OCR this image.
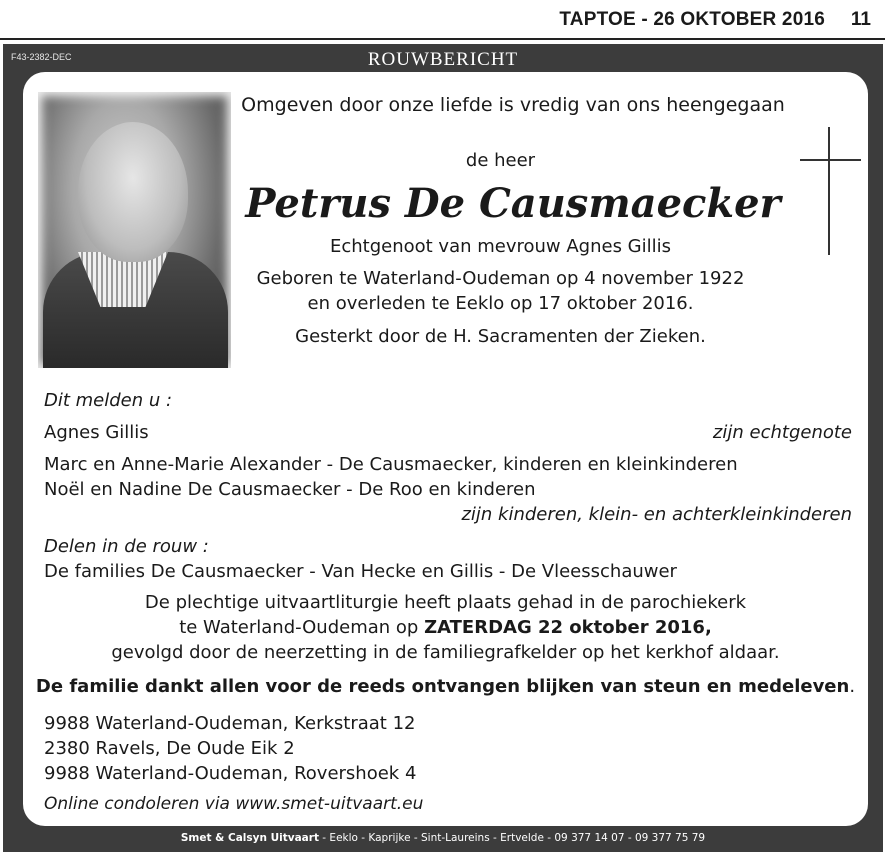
TAPTOE - 26 OKTOBER 2016 11
F43-2382-DEC	ROUWBERICHT
Omgeven door onze liefde is vredig van ons heengegaan
de heer
Petrus De Causmaecker
Echtgenoot van mevrouw Agnes Gillis
Geboren te Waterland-Oudeman op 4 november 1922
en overleden te Eeklo op 17 oktober 2016.
Gesterkt door de H. Sacramenten der Zieken.
Dit melden u :
Agnes Gillis	zijn echtgenote
Marc en Anne-Marie Alexander - De Causmaecker, kinderen en kleinkinderen
Noël en Nadine De Causmaecker - De Roo en kinderen
zijn kinderen, klein- en achterkleinkinderen
Delen in de rouw :
De families De Causmaecker - Van Hecke en Gillis - De Vleesschauwer
De plechtige uitvaartliturgie heeft plaats gehad in de parochiekerk
te Waterland-Oudeman op ZATERDAG 22 oktober 2016,
gevolgd door de neerzetting in de familiegrafkelder op het kerkhof aldaar.
De familie dankt allen voor de reeds ontvangen blijken van steun en medeleven.
9988 Waterland-Oudeman, Kerkstraat 12
2380 Ravels, De Oude Eik 2
9988 Waterland-Oudeman, Rovershoek 4
Online condoleren via www.smet-uitvaart.eu
Smet & Calsyn Uitvaart - Eeklo - Kaprijke - Sint-Laureins - Ertvelde - 09 377 14 07 - 09 377 75 79
